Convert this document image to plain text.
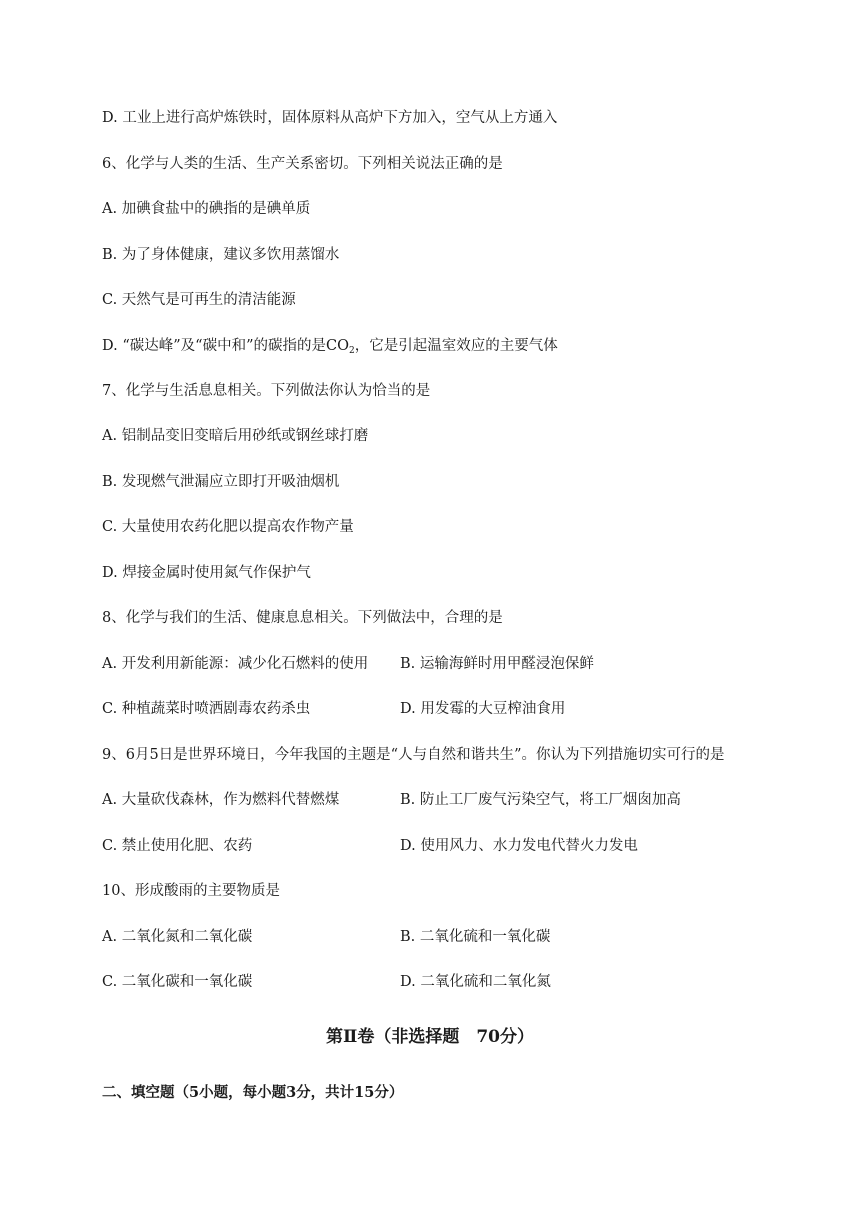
D. 工业上进行高炉炼铁时，固体原料从高炉下方加入，空气从上方通入
6、化学与人类的生活、生产关系密切。下列相关说法正确的是
A. 加碘食盐中的碘指的是碘单质
B. 为了身体健康，建议多饮用蒸馏水
C. 天然气是可再生的清洁能源
D. “碳达峰”及“碳中和”的碳指的是$CO_2$，它是引起温室效应的主要气体
7、化学与生活息息相关。下列做法你认为恰当的是
A. 铝制品变旧变暗后用砂纸或钢丝球打磨
B. 发现燃气泄漏应立即打开吸油烟机
C. 大量使用农药化肥以提高农作物产量
D. 焊接金属时使用氮气作保护气
8、化学与我们的生活、健康息息相关。下列做法中，合理的是
A. 开发利用新能源：减少化石燃料的使用 B. 运输海鲜时用甲醛浸泡保鲜
C. 种植蔬菜时喷洒剧毒农药杀虫	D. 用发霉的大豆榨油食用
9、6月5日是世界环境日，今年我国的主题是“人与自然和谐共生”。你认为下列措施切实可行的是
A. 大量砍伐森林，作为燃料代替燃煤	B. 防止工厂废气污染空气，将工厂烟囱加高
C. 禁止使用化肥、农药	D. 使用风力、水力发电代替火力发电
10、形成酸雨的主要物质是
A. 二氧化氮和二氧化碳	B. 二氧化硫和一氧化碳
C. 二氧化碳和一氧化碳	D. 二氧化硫和二氧化氮
第Ⅱ卷（非选择题　70分）
二、填空题（5小题，每小题3分，共计15分）
